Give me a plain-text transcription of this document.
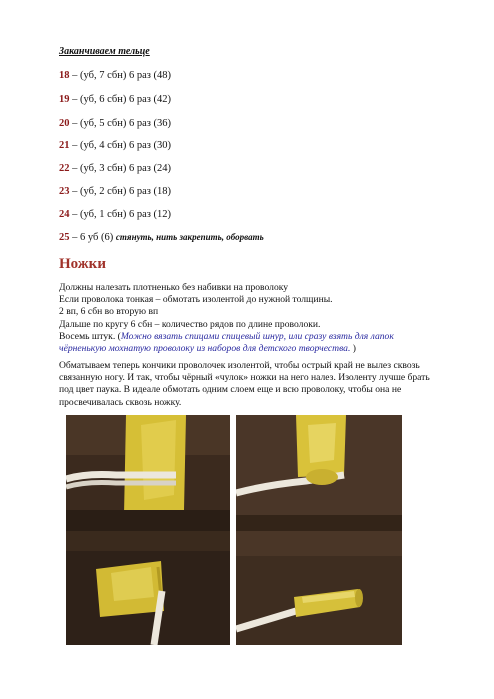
Заканчиваем тельце
18 – (уб, 7 сбн) 6 раз (48)
19 – (уб, 6 сбн) 6 раз (42)
20 – (уб, 5 сбн) 6 раз (36)
21 – (уб, 4 сбн) 6 раз (30)
22 – (уб, 3 сбн) 6 раз (24)
23 – (уб, 2 сбн) 6 раз (18)
24 – (уб, 1 сбн) 6 раз (12)
25 – 6 уб (6) стянуть, нить закрепить, оборвать
Ножки
Должны налезать плотненько без набивки на проволоку
Если проволока тонкая – обмотать изолентой до нужной толщины.
2 вп, 6 сбн во вторую вп
Дальше по кругу 6 сбн – количество рядов по длине проволоки.
Восемь штук. (Можно вязать спицами спицевый шнур, или сразу взять для лапок
чёрненькую мохнатую проволоку из наборов для детского творчества. )
Обматываем теперь кончики проволочек изолентой, чтобы острый край не вылез сквозь
связанную ногу. И так, чтобы чёрный «чулок» ножки на него налез. Изоленту лучше брать
под цвет паука. В идеале обмотать одним слоем еще и всю проволоку, чтобы она не
просвечивалась сквозь ножку.
